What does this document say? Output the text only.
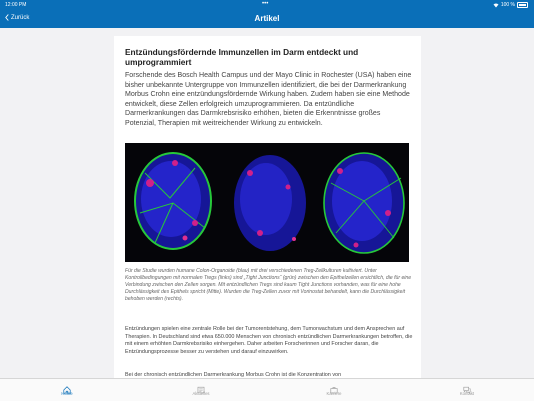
12:00 PM	•••	100 %
Zurück	Artikel
Entzündungsfördernde Immunzellen im Darm entdeckt und umprogrammiert
Forschende des Bosch Health Campus und der Mayo Clinic in Rochester (USA) haben eine bisher unbekannte Untergruppe von Immunzellen identifiziert, die bei der Darmerkrankung Morbus Crohn eine entzündungsfördernde Wirkung haben. Zudem haben sie eine Methode entwickelt, diese Zellen erfolgreich umzuprogrammieren. Da entzündliche Darmerkrankungen das Darmkrebsrisiko erhöhen, bieten die Erkenntnisse großes Potenzial, Therapien mit weitreichender Wirkung zu entwickeln.
Für die Studie wurden humane Colon-Organoide (blau) mit drei verschiedenen Treg-Zellkulturen kultiviert. Unter Kontrollbedingungen mit normalen Tregs (links) sind „Tight Junctions“ (grün) zwischen den Epithelzellen ersichtlich, die für eine Verbindung zwischen den Zellen sorgen. Mit entzündlichen Tregs sind kaum Tight Junctions vorhanden, was für eine hohe Durchlässigkeit des Epithels spricht (Mitte). Wurden die Treg-Zellen zuvor mit Vorinostat behandelt, kann die Durchlässigkeit behoben werden (rechts).
Entzündungen spielen eine zentrale Rolle bei der Tumorentstehung, dem Tumorwachstum und dem Ansprechen auf Therapien. In Deutschland sind etwa 650.000 Menschen von chronisch entzündlichen Darmerkrankungen betroffen, die mit einem erhöhten Darmkrebsrisiko einhergehen. Daher arbeiten Forscherinnen und Forscher daran, die Entzündungsprozesse besser zu verstehen und darauf einzuwirken.
Bei der chronisch entzündlichen Darmerkrankung Morbus Crohn ist die Konzentration von
Home	Aktuelles	Karriere	Kontakt
